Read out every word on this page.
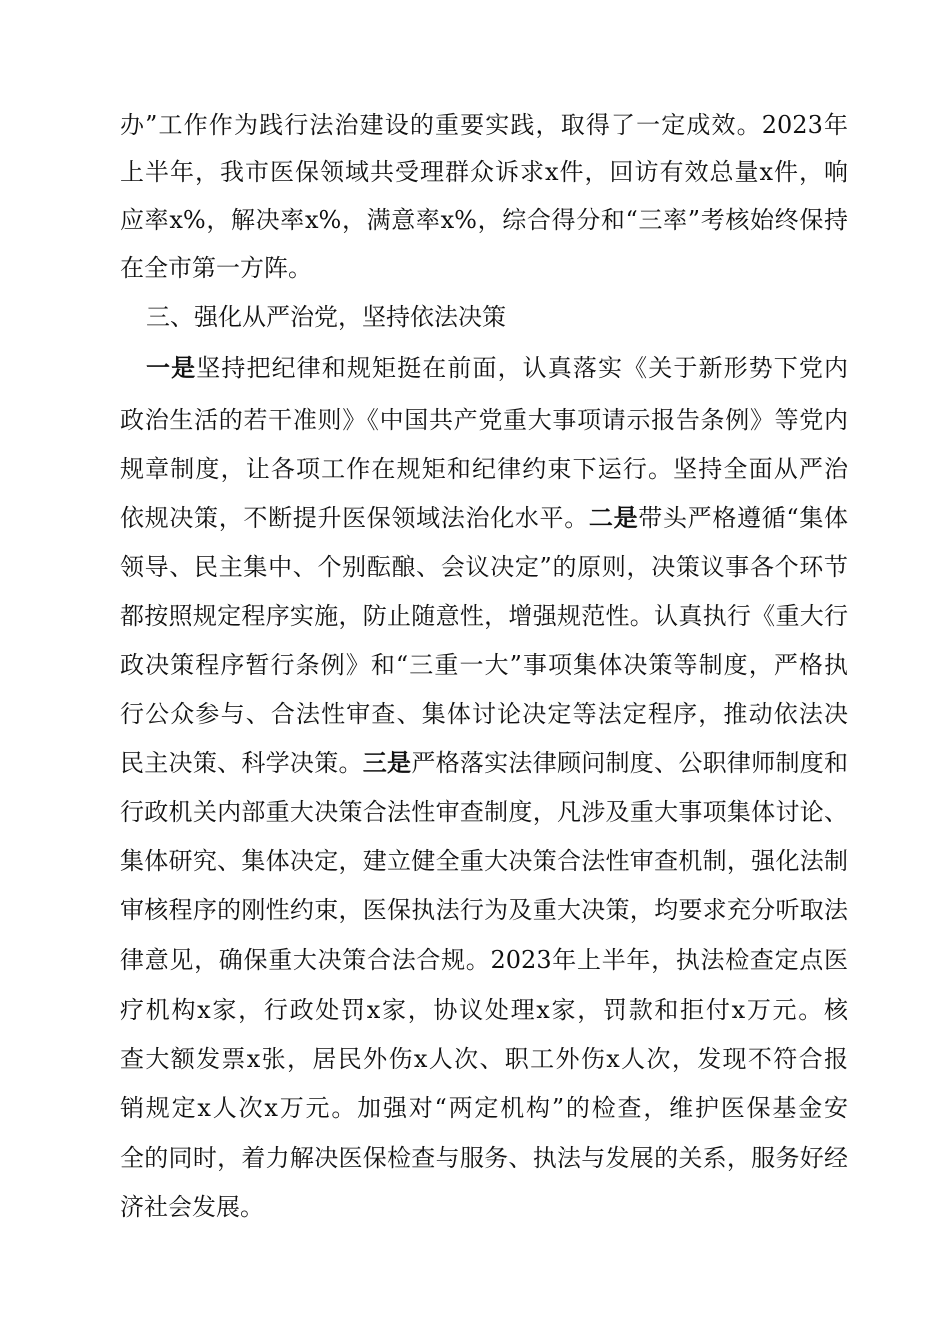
办”工作作为践行法治建设的重要实践，取得了一定成效。2023年
上半年，我市医保领域共受理群众诉求x件，回访有效总量x件，响
应率x%，解决率x%，满意率x%，综合得分和“三率”考核始终保持
在全市第一方阵。
三、强化从严治党，坚持依法决策
一是坚持把纪律和规矩挺在前面，认真落实《关于新形势下党内
政治生活的若干准则》《中国共产党重大事项请示报告条例》等党内
规章制度，让各项工作在规矩和纪律约束下运行。坚持全面从严治
依规决策，不断提升医保领域法治化水平。二是带头严格遵循“集体
领导、民主集中、个别酝酿、会议决定”的原则，决策议事各个环节
都按照规定程序实施，防止随意性，增强规范性。认真执行《重大行
政决策程序暂行条例》和“三重一大”事项集体决策等制度，严格执
行公众参与、合法性审查、集体讨论决定等法定程序，推动依法决
民主决策、科学决策。三是严格落实法律顾问制度、公职律师制度和
行政机关内部重大决策合法性审查制度，凡涉及重大事项集体讨论、
集体研究、集体决定，建立健全重大决策合法性审查机制，强化法制
审核程序的刚性约束，医保执法行为及重大决策，均要求充分听取法
律意见，确保重大决策合法合规。2023年上半年，执法检查定点医
疗机构x家，行政处罚x家，协议处理x家，罚款和拒付x万元。核
查大额发票x张，居民外伤x人次、职工外伤x人次，发现不符合报
销规定x人次x万元。加强对“两定机构”的检查，维护医保基金安
全的同时，着力解决医保检查与服务、执法与发展的关系，服务好经
济社会发展。
